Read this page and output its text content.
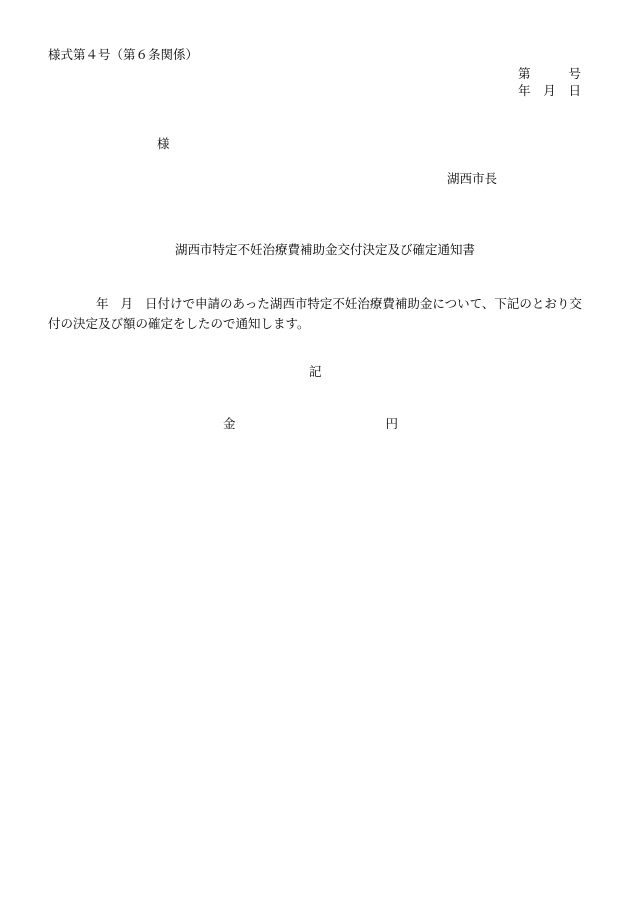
様式第４号（第６条関係）
第	号
年 月 日
様
湖西市長
湖西市特定不妊治療費補助金交付決定及び確定通知書
年 月 日付けで申請のあった湖西市特定不妊治療費補助金について、下記のとおり交付の決定及び額の確定をしたので通知します。
記
金	円
